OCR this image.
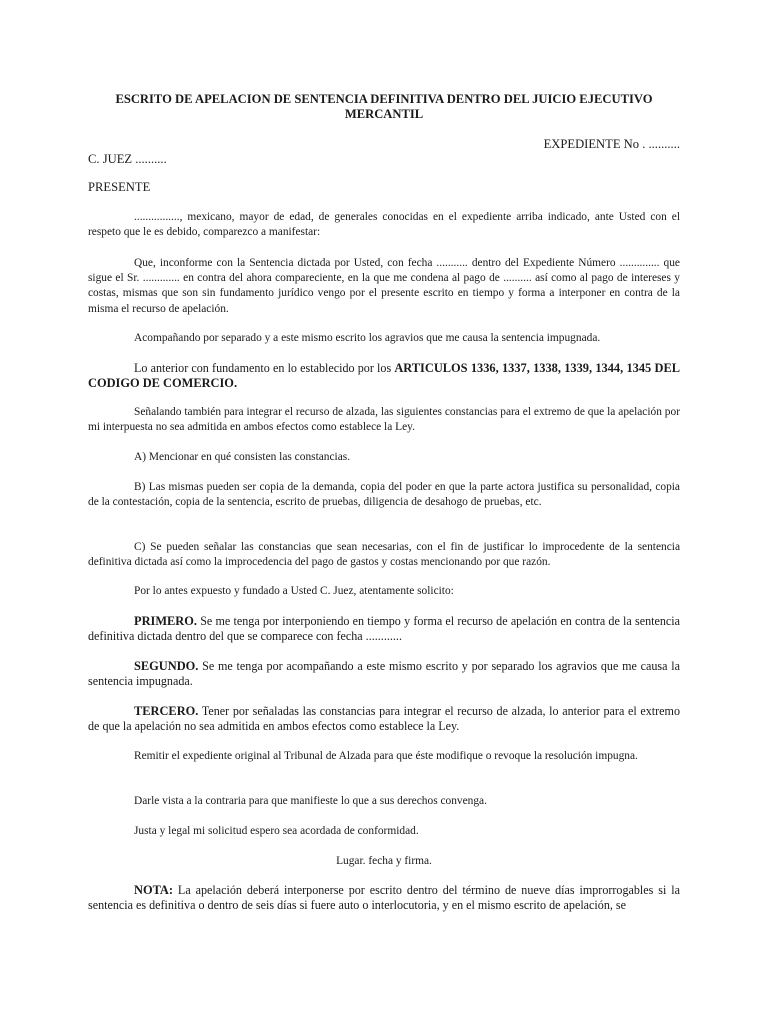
ESCRITO DE APELACION DE SENTENCIA DEFINITIVA DENTRO DEL JUICIO EJECUTIVO MERCANTIL
EXPEDIENTE No . ..........
C. JUEZ ..........
PRESENTE

................, mexicano, mayor de edad, de generales conocidas en el expediente arriba indicado, ante Usted con el respeto que le es debido, comparezco a manifestar:

Que, inconforme con la Sentencia dictada por Usted, con fecha ........... dentro del Expediente Número .............. que sigue el Sr. ............. en contra del ahora compareciente, en la que me condena al pago de .......... así como al pago de intereses y costas, mismas que son sin fundamento jurídico vengo por el presente escrito en tiempo y forma a interponer en contra de la misma el recurso de apelación.

Acompañando por separado y a este mismo escrito los agravios que me causa la sentencia impugnada.

Lo anterior con fundamento en lo establecido por los ARTICULOS 1336, 1337, 1338, 1339, 1344, 1345 DEL CODIGO DE COMERCIO.

Señalando también para integrar el recurso de alzada, las siguientes constancias para el extremo de que la apelación por mi interpuesta no sea admitida en ambos efectos como establece la Ley.

A) Mencionar en qué consisten las constancias.

B) Las mismas pueden ser copia de la demanda, copia del poder en que la parte actora justifica su personalidad, copia de la contestación, copia de la sentencia, escrito de pruebas, diligencia de desahogo de pruebas, etc.

C) Se pueden señalar las constancias que sean necesarias, con el fin de justificar lo improcedente de la sentencia definitiva dictada así como la improcedencia del pago de gastos y costas mencionando por que razón.

Por lo antes expuesto y fundado a Usted C. Juez, atentamente solicito:

PRIMERO. Se me tenga por interponiendo en tiempo y forma el recurso de apelación en contra de la sentencia definitiva dictada dentro del que se comparece con fecha ............

SEGUNDO. Se me tenga por acompañando a este mismo escrito y por separado los agravios que me causa la sentencia impugnada.

TERCERO. Tener por señaladas las constancias para integrar el recurso de alzada, lo anterior para el extremo de que la apelación no sea admitida en ambos efectos como establece la Ley.

Remitir el expediente original al Tribunal de Alzada para que éste modifique o revoque la resolución impugna.

Darle vista a la contraria para que manifieste lo que a sus derechos convenga.

Justa y legal mi solicitud espero sea acordada de conformidad.

Lugar. fecha y firma.

NOTA: La apelación deberá interponerse por escrito dentro del término de nueve días improrrogables si la sentencia es definitiva o dentro de seis días si fuere auto o interlocutoria, y en el mismo escrito de apelación, se
